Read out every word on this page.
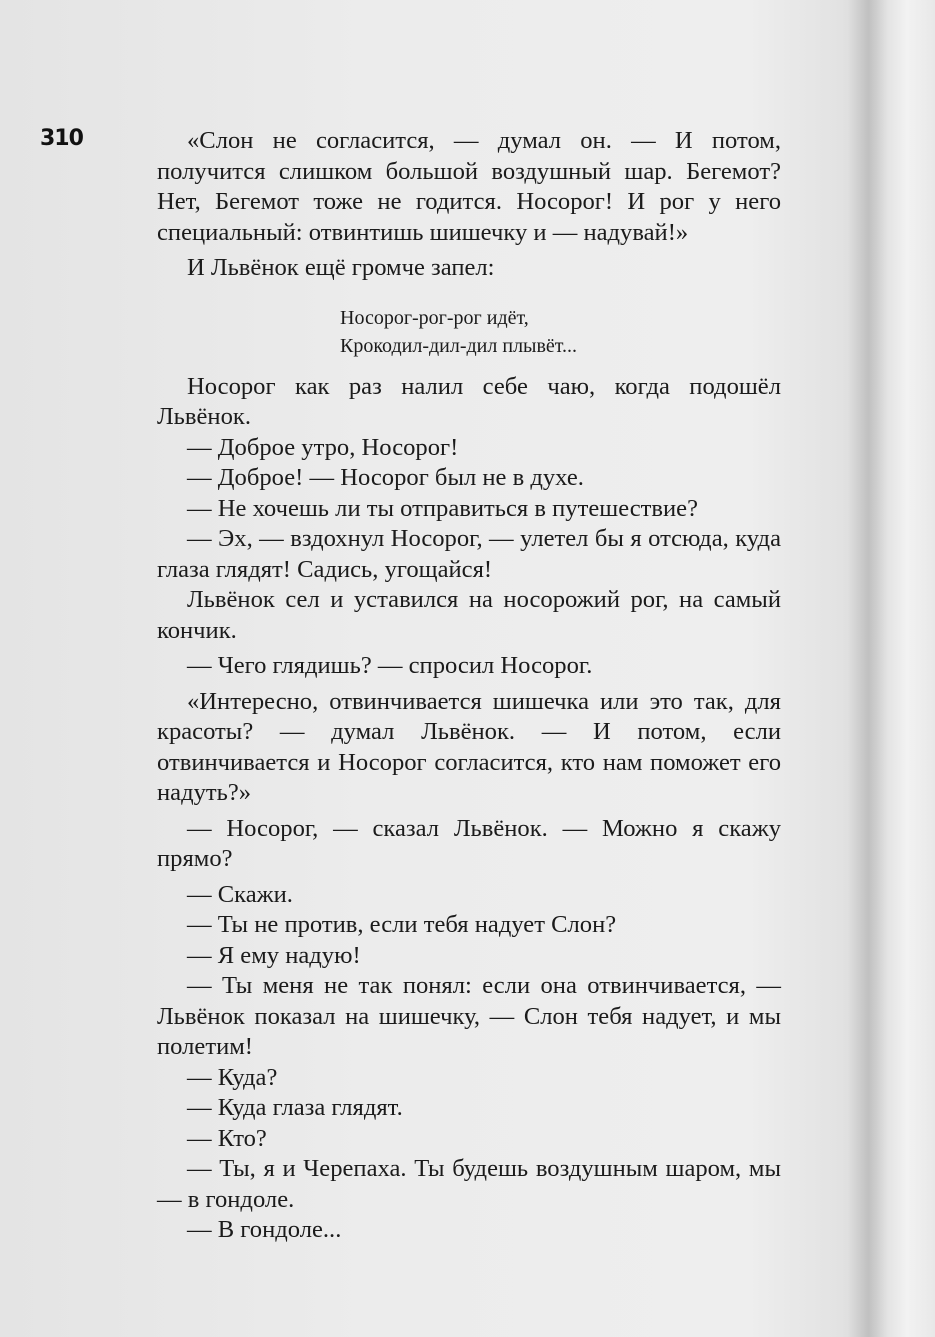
310	«Слон не согласится, — думал он. — И потом, получится слишком большой воздушный шар. Бегемот? Нет, Бегемот тоже не годится. Носорог! И рог у него специальный: отвинтишь шишечку и — надувай!»

И Львёнок ещё громче запел:

Носорог-рог-рог идёт,
Крокодил-дил-дил плывёт...

Носорог как раз налил себе чаю, когда подошёл Львёнок.

— Доброе утро, Носорог!

— Доброе! — Носорог был не в духе.

— Не хочешь ли ты отправиться в путешествие?

— Эх, — вздохнул Носорог, — улетел бы я отсюда, куда глаза глядят! Садись, угощайся!

Львёнок сел и уставился на носорожий рог, на самый кончик.

— Чего глядишь? — спросил Носорог.

«Интересно, отвинчивается шишечка или это так, для красоты? — думал Львёнок. — И потом, если отвинчивается и Носорог согласится, кто нам поможет его надуть?»

— Носорог, — сказал Львёнок. — Можно я скажу прямо?

— Скажи.

— Ты не против, если тебя надует Слон?

— Я ему надую!

— Ты меня не так понял: если она отвинчивается, — Львёнок показал на шишечку, — Слон тебя надует, и мы полетим!

— Куда?

— Куда глаза глядят.

— Кто?

— Ты, я и Черепаха. Ты будешь воздушным шаром, мы — в гондоле.

— В гондоле...
